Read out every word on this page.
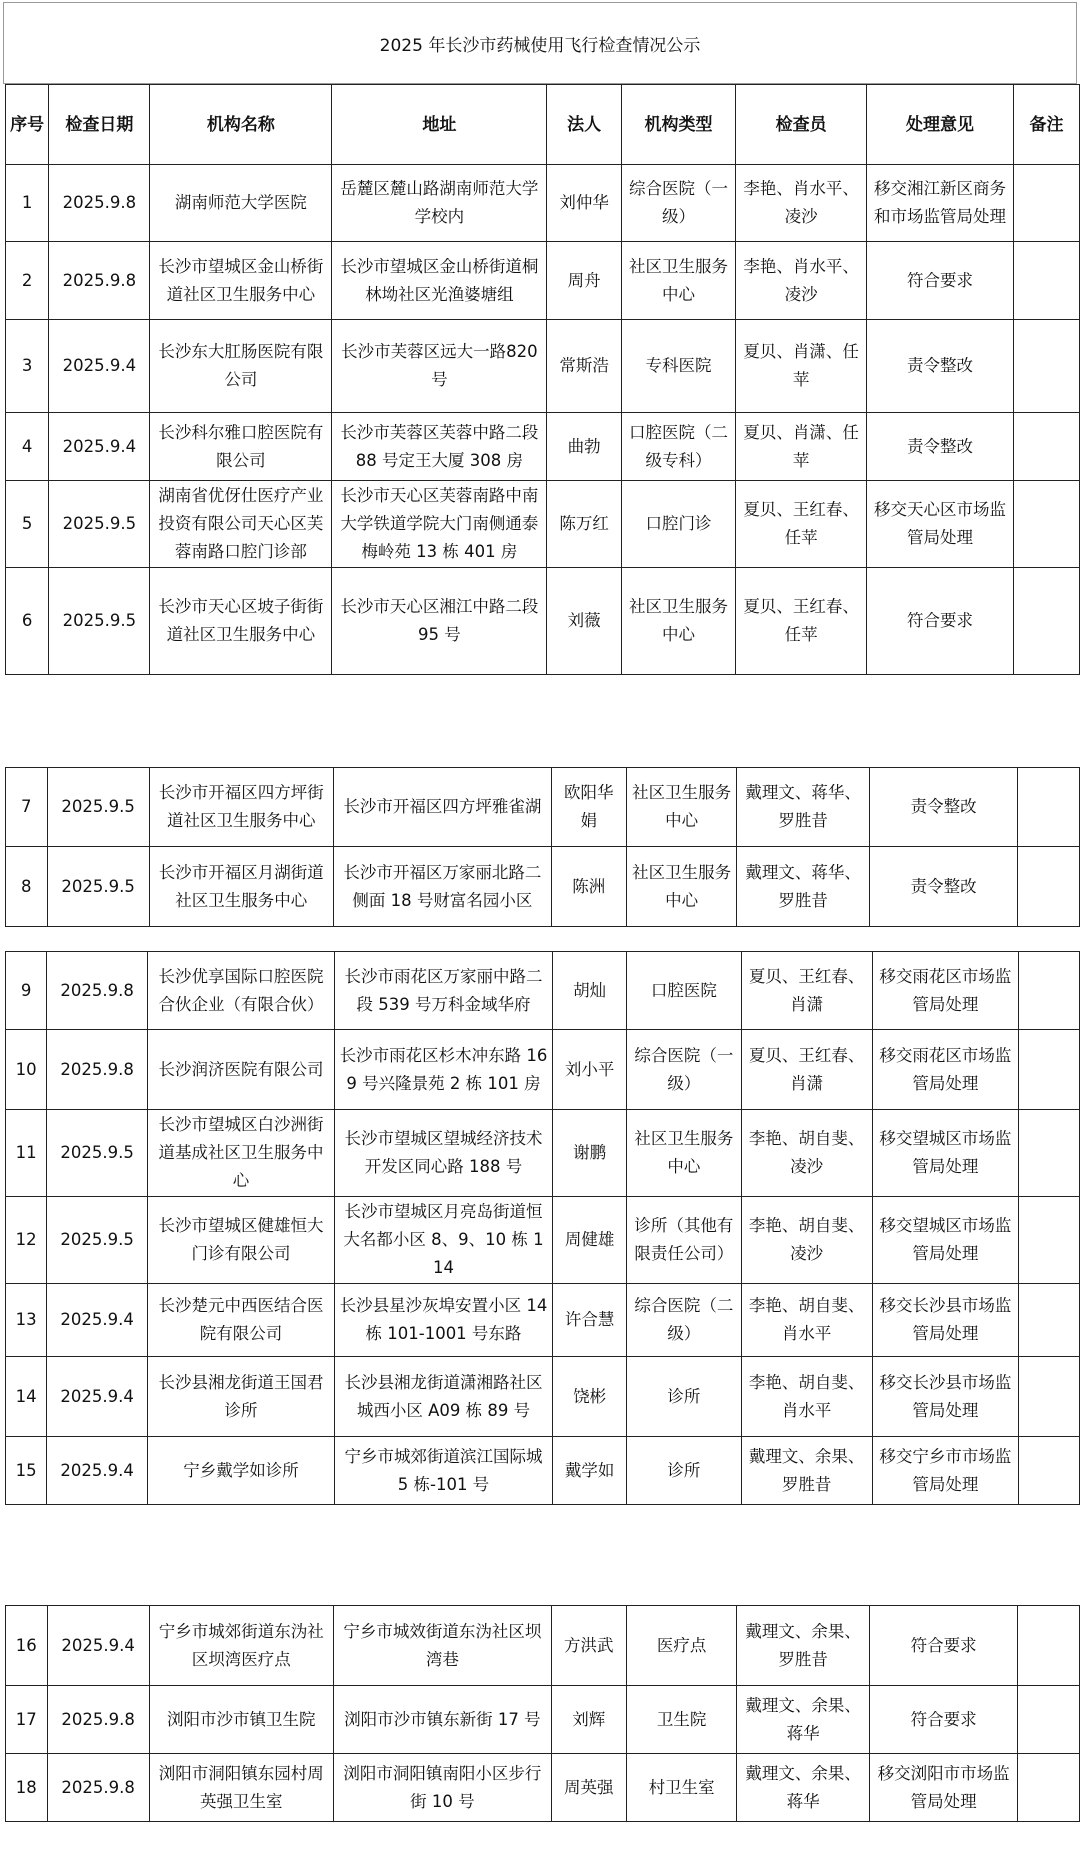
2025 年长沙市药械使用飞行检查情况公示
序号	检查日期	机构名称	地址	法人	机构类型	检查员	处理意见	备注
1	2025.9.8	湖南师范大学医院	岳麓区麓山路湖南师范大学学校内	刘仲华	综合医院（一级）	李艳、肖水平、凌沙	移交湘江新区商务和市场监管局处理	
2	2025.9.8	长沙市望城区金山桥街道社区卫生服务中心	长沙市望城区金山桥街道桐林坳社区光渔婆塘组	周舟	社区卫生服务中心	李艳、肖水平、凌沙	符合要求	
3	2025.9.4	长沙东大肛肠医院有限公司	长沙市芙蓉区远大一路820 号	常斯浩	专科医院	夏贝、肖潇、任苹	责令整改	
4	2025.9.4	长沙科尔雅口腔医院有限公司	长沙市芙蓉区芙蓉中路二段 88 号定王大厦 308 房	曲勃	口腔医院（二级专科）	夏贝、肖潇、任苹	责令整改	
5	2025.9.5	湖南省优伢仕医疗产业投资有限公司天心区芙蓉南路口腔门诊部	长沙市天心区芙蓉南路中南大学铁道学院大门南侧通泰梅岭苑 13 栋 401 房	陈万红	口腔门诊	夏贝、王红春、任苹	移交天心区市场监管局处理	
6	2025.9.5	长沙市天心区坡子街街道社区卫生服务中心	长沙市天心区湘江中路二段 95 号	刘薇	社区卫生服务中心	夏贝、王红春、任苹	符合要求	
7	2025.9.5	长沙市开福区四方坪街道社区卫生服务中心	长沙市开福区四方坪雅雀湖	欧阳华娟	社区卫生服务中心	戴理文、蒋华、罗胜昔	责令整改	
8	2025.9.5	长沙市开福区月湖街道社区卫生服务中心	长沙市开福区万家丽北路二侧面 18 号财富名园小区	陈洲	社区卫生服务中心	戴理文、蒋华、罗胜昔	责令整改	
9	2025.9.8	长沙优享国际口腔医院合伙企业（有限合伙）	长沙市雨花区万家丽中路二段 539 号万科金域华府	胡灿	口腔医院	夏贝、王红春、肖潇	移交雨花区市场监管局处理	
10	2025.9.8	长沙润济医院有限公司	长沙市雨花区杉木冲东路 169 号兴隆景苑 2 栋 101 房	刘小平	综合医院（一级）	夏贝、王红春、肖潇	移交雨花区市场监管局处理	
11	2025.9.5	长沙市望城区白沙洲街道基成社区卫生服务中心	长沙市望城区望城经济技术开发区同心路 188 号	谢鹏	社区卫生服务中心	李艳、胡自斐、凌沙	移交望城区市场监管局处理	
12	2025.9.5	长沙市望城区健雄恒大门诊有限公司	长沙市望城区月亮岛街道恒大名都小区 8、9、10 栋 114	周健雄	诊所（其他有限责任公司）	李艳、胡自斐、凌沙	移交望城区市场监管局处理	
13	2025.9.4	长沙楚元中西医结合医院有限公司	长沙县星沙灰埠安置小区 14 栋 101-1001 号东路	许合慧	综合医院（二级）	李艳、胡自斐、肖水平	移交长沙县市场监管局处理	
14	2025.9.4	长沙县湘龙街道王国君诊所	长沙县湘龙街道潇湘路社区城西小区 A09 栋 89 号	饶彬	诊所	李艳、胡自斐、肖水平	移交长沙县市场监管局处理	
15	2025.9.4	宁乡戴学如诊所	宁乡市城郊街道滨江国际城 5 栋-101 号	戴学如	诊所	戴理文、余果、罗胜昔	移交宁乡市市场监管局处理	
16	2025.9.4	宁乡市城郊街道东沩社区坝湾医疗点	宁乡市城效街道东沩社区坝湾巷	方洪武	医疗点	戴理文、余果、罗胜昔	符合要求	
17	2025.9.8	浏阳市沙市镇卫生院	浏阳市沙市镇东新街 17 号	刘辉	卫生院	戴理文、余果、蒋华	符合要求	
18	2025.9.8	浏阳市洞阳镇东园村周英强卫生室	浏阳市洞阳镇南阳小区步行街 10 号	周英强	村卫生室	戴理文、余果、蒋华	移交浏阳市市场监管局处理	
